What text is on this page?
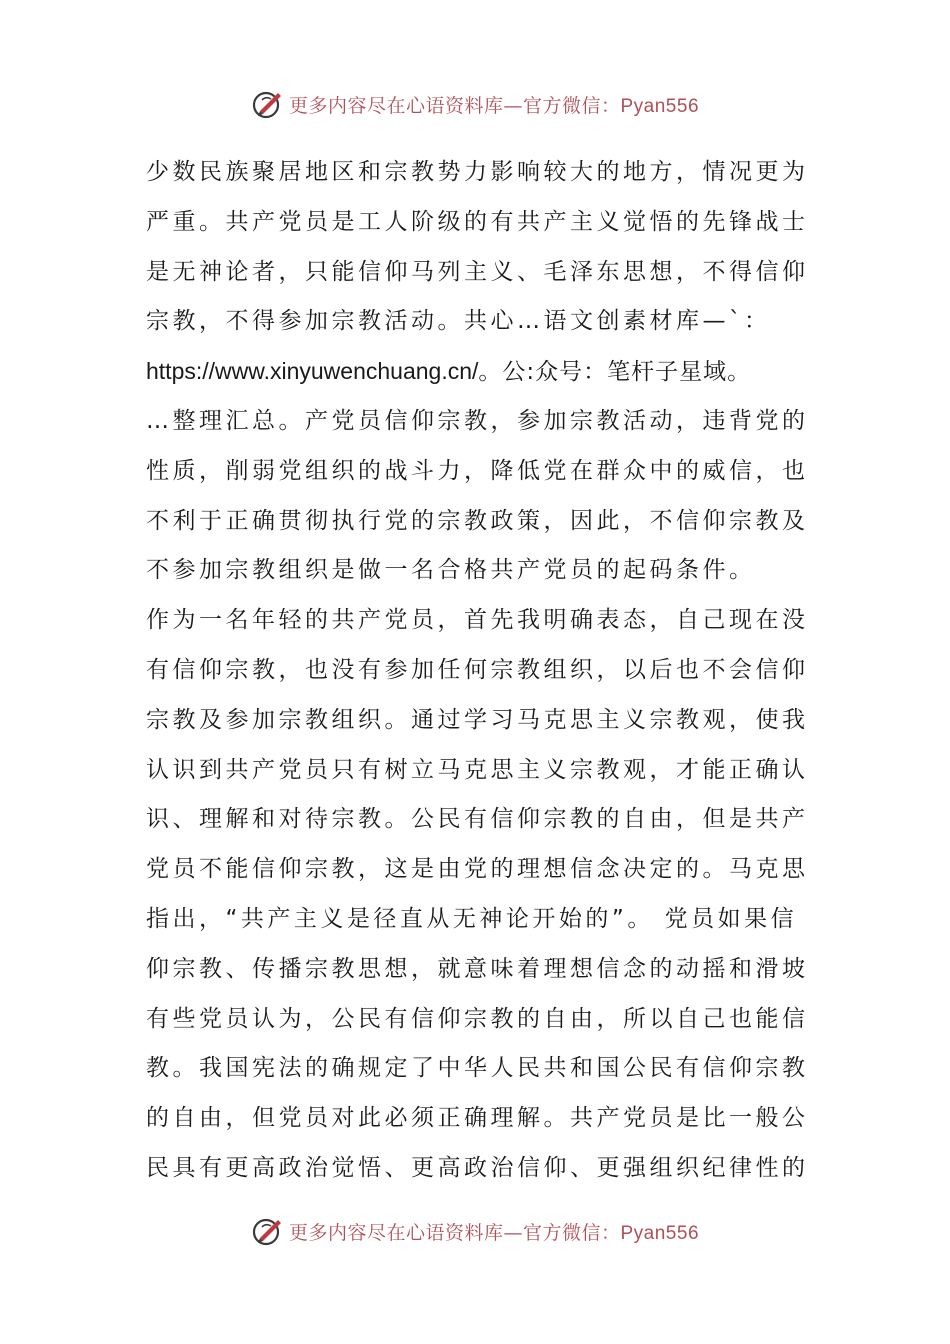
更多内容尽在心语资料库—官方微信：Pyan556
少数民族聚居地区和宗教势力影响较大的地方，情况更为
严重。共产党员是工人阶级的有共产主义觉悟的先锋战士
是无神论者，只能信仰马列主义、毛泽东思想，不得信仰
宗教，不得参加宗教活动。共心…语文创素材库—`：
https://www.xinyuwenchuang.cn/。公:众号：笔杆子星域。
…整理汇总。产党员信仰宗教，参加宗教活动，违背党的
性质，削弱党组织的战斗力，降低党在群众中的威信，也
不利于正确贯彻执行党的宗教政策，因此，不信仰宗教及
不参加宗教组织是做一名合格共产党员的起码条件。
作为一名年轻的共产党员，首先我明确表态，自己现在没
有信仰宗教，也没有参加任何宗教组织，以后也不会信仰
宗教及参加宗教组织。通过学习马克思主义宗教观，使我
认识到共产党员只有树立马克思主义宗教观，才能正确认
识、理解和对待宗教。公民有信仰宗教的自由，但是共产
党员不能信仰宗教，这是由党的理想信念决定的。马克思
指出，“共产主义是径直从无神论开始的”。 党员如果信
仰宗教、传播宗教思想，就意味着理想信念的动摇和滑坡
有些党员认为，公民有信仰宗教的自由，所以自己也能信
教。我国宪法的确规定了中华人民共和国公民有信仰宗教
的自由，但党员对此必须正确理解。共产党员是比一般公
民具有更高政治觉悟、更高政治信仰、更强组织纪律性的
更多内容尽在心语资料库—官方微信：Pyan556
